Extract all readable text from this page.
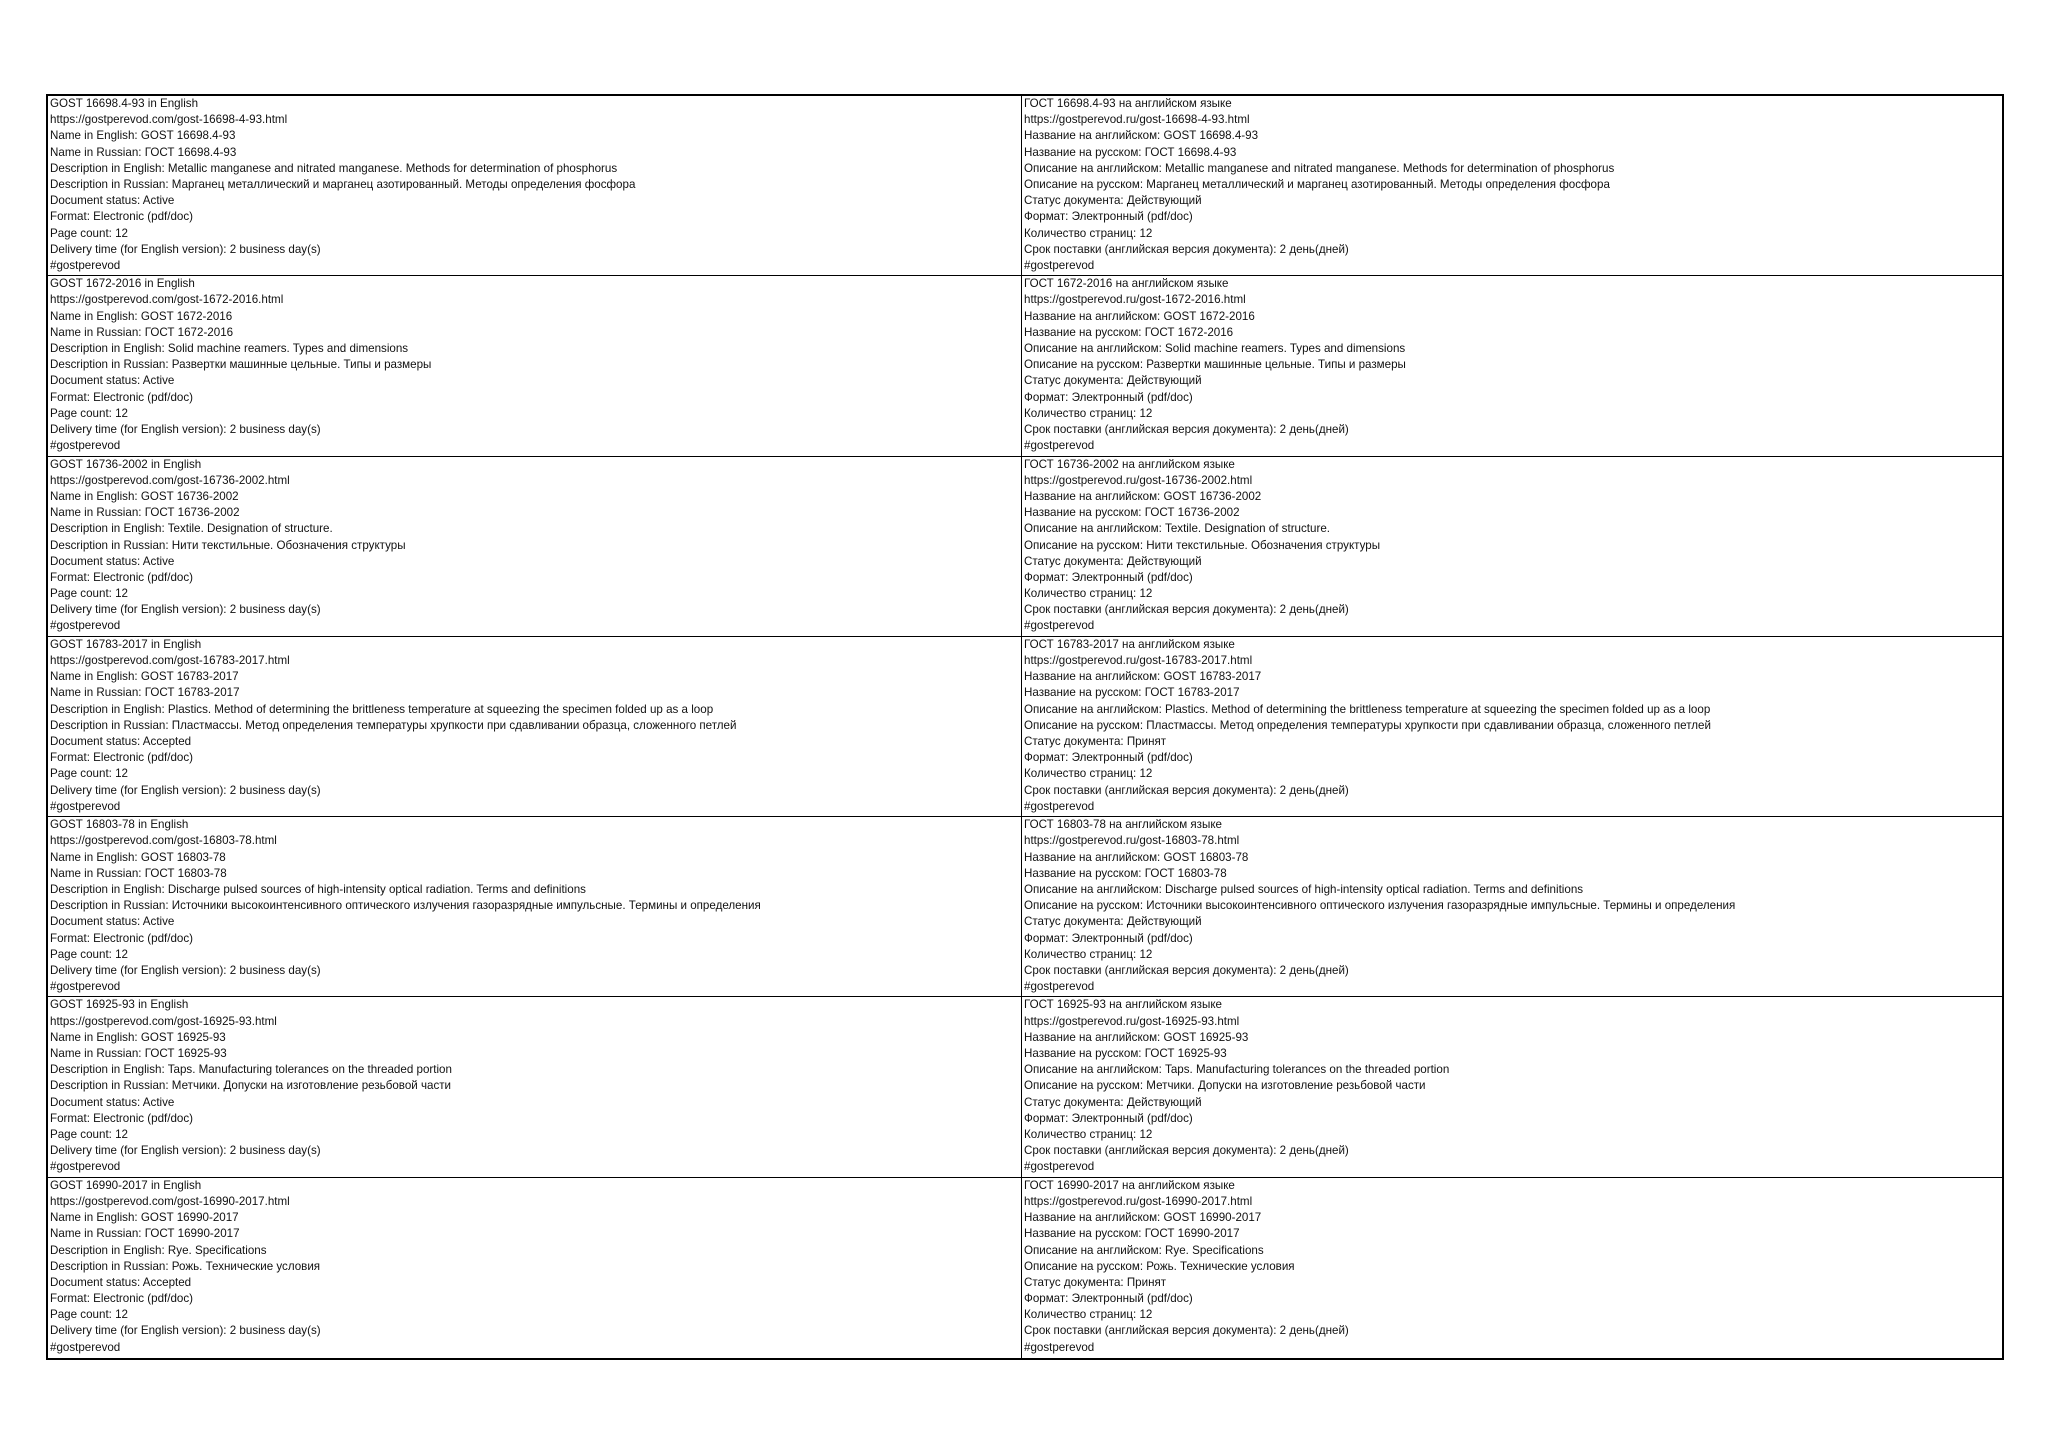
GOST 16698.4-93 in English
https://gostperevod.com/gost-16698-4-93.html
Name in English: GOST 16698.4-93
Name in Russian: ГОСТ 16698.4-93
Description in English: Metallic manganese and nitrated manganese. Methods for determination of phosphorus
Description in Russian: Марганец металлический и марганец азотированный. Методы определения фосфора
Document status: Active
Format: Electronic (pdf/doc)
Page count: 12
Delivery time (for English version): 2 business day(s)
#gostperevod
ГОСТ 16698.4-93 на английском языке
https://gostperevod.ru/gost-16698-4-93.html
Название на английском: GOST 16698.4-93
Название на русском: ГОСТ 16698.4-93
Описание на английском: Metallic manganese and nitrated manganese. Methods for determination of phosphorus
Описание на русском: Марганец металлический и марганец азотированный. Методы определения фосфора
Статус документа: Действующий
Формат: Электронный (pdf/doc)
Количество страниц: 12
Срок поставки (английская версия документа): 2 день(дней)
#gostperevod
GOST 1672-2016 in English
https://gostperevod.com/gost-1672-2016.html
Name in English: GOST 1672-2016
Name in Russian: ГОСТ 1672-2016
Description in English: Solid machine reamers. Types and dimensions
Description in Russian: Развертки машинные цельные. Типы и размеры
Document status: Active
Format: Electronic (pdf/doc)
Page count: 12
Delivery time (for English version): 2 business day(s)
#gostperevod
ГОСТ 1672-2016 на английском языке
https://gostperevod.ru/gost-1672-2016.html
Название на английском: GOST 1672-2016
Название на русском: ГОСТ 1672-2016
Описание на английском: Solid machine reamers. Types and dimensions
Описание на русском: Развертки машинные цельные. Типы и размеры
Статус документа: Действующий
Формат: Электронный (pdf/doc)
Количество страниц: 12
Срок поставки (английская версия документа): 2 день(дней)
#gostperevod
GOST 16736-2002 in English
https://gostperevod.com/gost-16736-2002.html
Name in English: GOST 16736-2002
Name in Russian: ГОСТ 16736-2002
Description in English: Textile. Designation of structure.
Description in Russian: Нити текстильные. Обозначения структуры
Document status: Active
Format: Electronic (pdf/doc)
Page count: 12
Delivery time (for English version): 2 business day(s)
#gostperevod
ГОСТ 16736-2002 на английском языке
https://gostperevod.ru/gost-16736-2002.html
Название на английском: GOST 16736-2002
Название на русском: ГОСТ 16736-2002
Описание на английском: Textile. Designation of structure.
Описание на русском: Нити текстильные. Обозначения структуры
Статус документа: Действующий
Формат: Электронный (pdf/doc)
Количество страниц: 12
Срок поставки (английская версия документа): 2 день(дней)
#gostperevod
GOST 16783-2017 in English
https://gostperevod.com/gost-16783-2017.html
Name in English: GOST 16783-2017
Name in Russian: ГОСТ 16783-2017
Description in English: Plastics. Method of determining the brittleness temperature at squeezing the specimen folded up as a loop
Description in Russian: Пластмассы. Метод определения температуры хрупкости при сдавливании образца, сложенного петлей
Document status: Accepted
Format: Electronic (pdf/doc)
Page count: 12
Delivery time (for English version): 2 business day(s)
#gostperevod
ГОСТ 16783-2017 на английском языке
https://gostperevod.ru/gost-16783-2017.html
Название на английском: GOST 16783-2017
Название на русском: ГОСТ 16783-2017
Описание на английском: Plastics. Method of determining the brittleness temperature at squeezing the specimen folded up as a loop
Описание на русском: Пластмассы. Метод определения температуры хрупкости при сдавливании образца, сложенного петлей
Статус документа: Принят
Формат: Электронный (pdf/doc)
Количество страниц: 12
Срок поставки (английская версия документа): 2 день(дней)
#gostperevod
GOST 16803-78 in English
https://gostperevod.com/gost-16803-78.html
Name in English: GOST 16803-78
Name in Russian: ГОСТ 16803-78
Description in English: Discharge pulsed sources of high-intensity optical radiation. Terms and definitions
Description in Russian: Источники высокоинтенсивного оптического излучения газоразрядные импульсные. Термины и определения
Document status: Active
Format: Electronic (pdf/doc)
Page count: 12
Delivery time (for English version): 2 business day(s)
#gostperevod
ГОСТ 16803-78 на английском языке
https://gostperevod.ru/gost-16803-78.html
Название на английском: GOST 16803-78
Название на русском: ГОСТ 16803-78
Описание на английском: Discharge pulsed sources of high-intensity optical radiation. Terms and definitions
Описание на русском: Источники высокоинтенсивного оптического излучения газоразрядные импульсные. Термины и определения
Статус документа: Действующий
Формат: Электронный (pdf/doc)
Количество страниц: 12
Срок поставки (английская версия документа): 2 день(дней)
#gostperevod
GOST 16925-93 in English
https://gostperevod.com/gost-16925-93.html
Name in English: GOST 16925-93
Name in Russian: ГОСТ 16925-93
Description in English: Taps. Manufacturing tolerances on the threaded portion
Description in Russian: Метчики. Допуски на изготовление резьбовой части
Document status: Active
Format: Electronic (pdf/doc)
Page count: 12
Delivery time (for English version): 2 business day(s)
#gostperevod
ГОСТ 16925-93 на английском языке
https://gostperevod.ru/gost-16925-93.html
Название на английском: GOST 16925-93
Название на русском: ГОСТ 16925-93
Описание на английском: Taps. Manufacturing tolerances on the threaded portion
Описание на русском: Метчики. Допуски на изготовление резьбовой части
Статус документа: Действующий
Формат: Электронный (pdf/doc)
Количество страниц: 12
Срок поставки (английская версия документа): 2 день(дней)
#gostperevod
GOST 16990-2017 in English
https://gostperevod.com/gost-16990-2017.html
Name in English: GOST 16990-2017
Name in Russian: ГОСТ 16990-2017
Description in English: Rye. Specifications
Description in Russian: Рожь. Технические условия
Document status: Accepted
Format: Electronic (pdf/doc)
Page count: 12
Delivery time (for English version): 2 business day(s)
#gostperevod
ГОСТ 16990-2017 на английском языке
https://gostperevod.ru/gost-16990-2017.html
Название на английском: GOST 16990-2017
Название на русском: ГОСТ 16990-2017
Описание на английском: Rye. Specifications
Описание на русском: Рожь. Технические условия
Статус документа: Принят
Формат: Электронный (pdf/doc)
Количество страниц: 12
Срок поставки (английская версия документа): 2 день(дней)
#gostperevod
